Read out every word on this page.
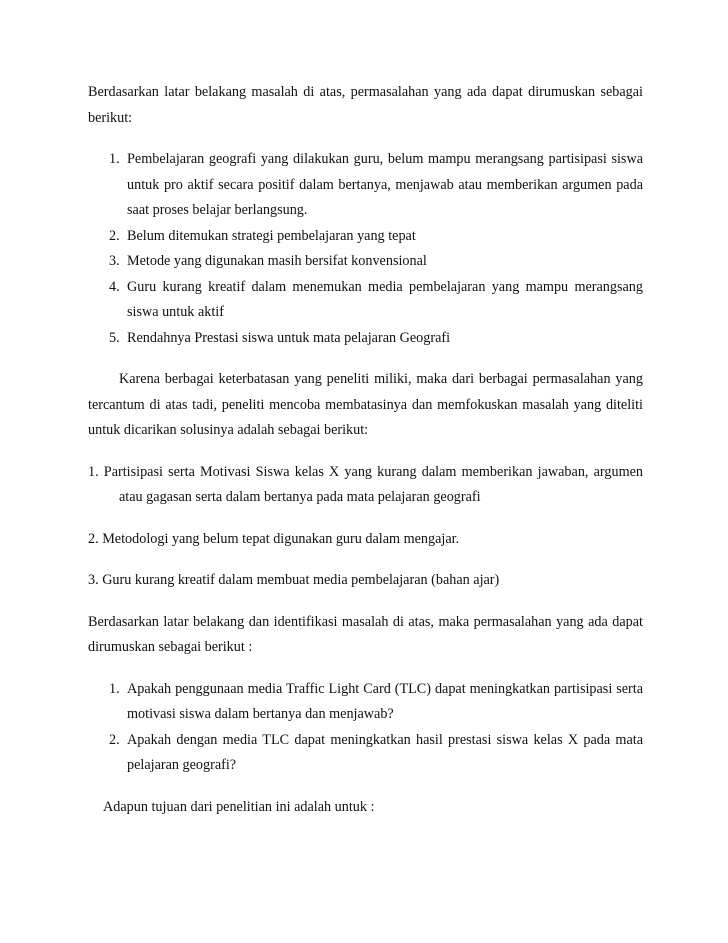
Berdasarkan latar belakang masalah di atas, permasalahan yang ada dapat dirumuskan sebagai berikut:

1. Pembelajaran geografi yang dilakukan guru, belum mampu merangsang partisipasi siswa untuk pro aktif secara positif dalam bertanya, menjawab atau memberikan argumen pada saat proses belajar berlangsung.
2. Belum ditemukan strategi pembelajaran yang tepat
3. Metode yang digunakan masih bersifat konvensional
4. Guru kurang kreatif dalam menemukan media pembelajaran yang mampu merangsang siswa untuk aktif
5. Rendahnya Prestasi siswa untuk mata pelajaran Geografi

Karena berbagai keterbatasan yang peneliti miliki, maka dari berbagai permasalahan yang tercantum di atas tadi, peneliti mencoba membatasinya dan memfokuskan masalah yang diteliti untuk dicarikan solusinya adalah sebagai berikut:

1. Partisipasi serta Motivasi Siswa kelas X yang kurang dalam memberikan jawaban, argumen atau gagasan serta dalam bertanya pada mata pelajaran geografi

2. Metodologi yang belum tepat digunakan guru dalam mengajar.

3. Guru kurang kreatif dalam membuat media pembelajaran (bahan ajar)

Berdasarkan latar belakang dan identifikasi masalah di atas, maka permasalahan yang ada dapat dirumuskan sebagai berikut :

1. Apakah penggunaan media Traffic Light Card (TLC) dapat meningkatkan partisipasi serta motivasi siswa dalam bertanya dan menjawab?
2. Apakah dengan media TLC dapat meningkatkan hasil prestasi siswa kelas X pada mata pelajaran geografi?

Adapun tujuan dari penelitian ini adalah untuk :
